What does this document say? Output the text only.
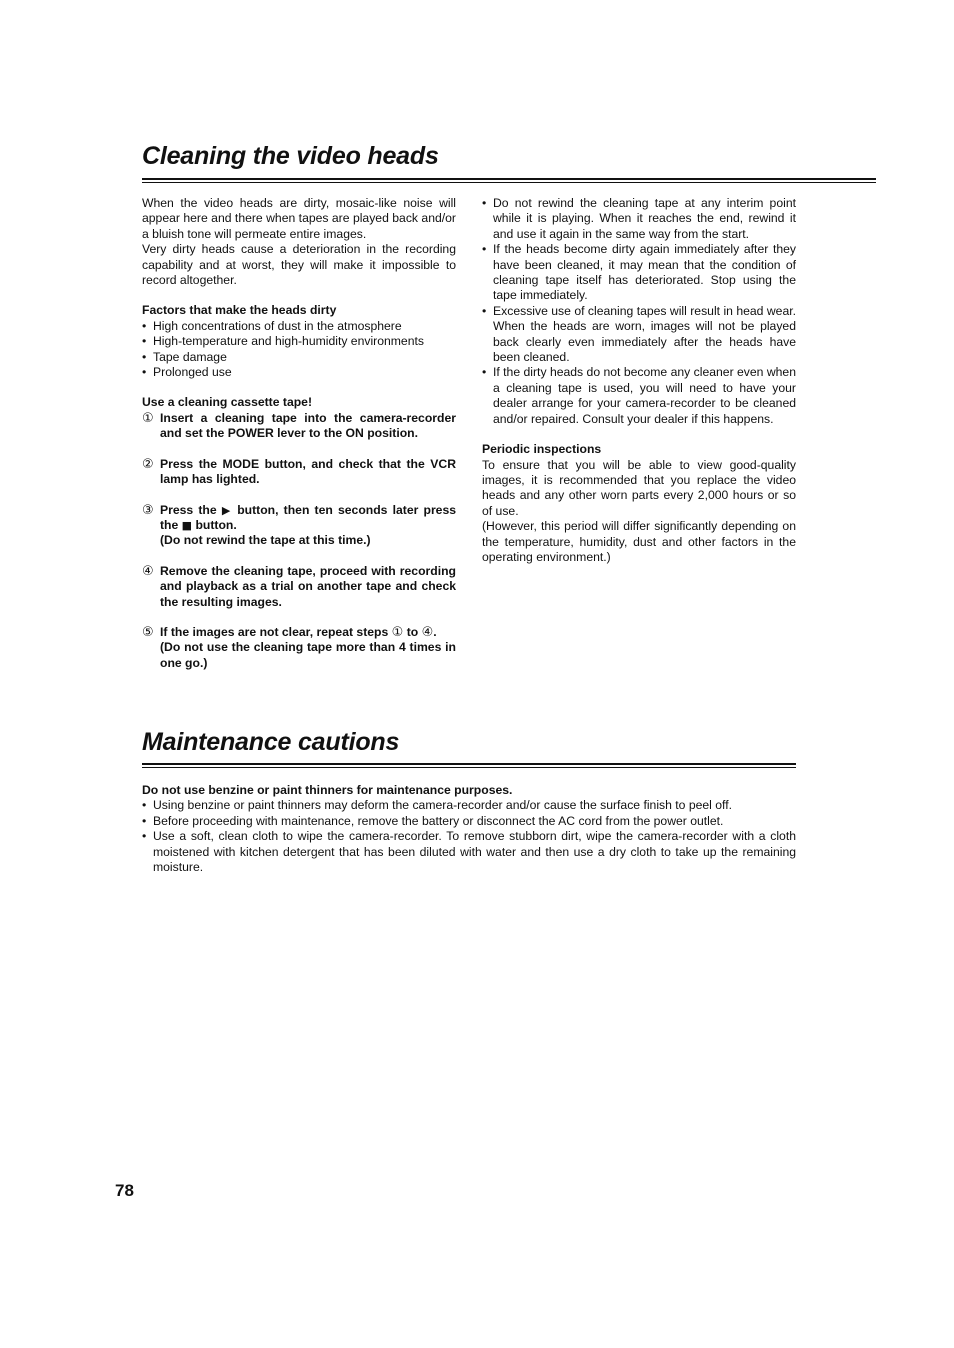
Cleaning the video heads

When the video heads are dirty, mosaic-like noise will appear here and there when tapes are played back and/or a bluish tone will permeate entire images.

Very dirty heads cause a deterioration in the recording capability and at worst, they will make it impossible to record altogether.

Factors that make the heads dirty

• High concentrations of dust in the atmosphere
• High-temperature and high-humidity environments
• Tape damage
• Prolonged use

Use a cleaning cassette tape!

① Insert a cleaning tape into the camera-recorder and set the POWER lever to the ON position.
② Press the MODE button, and check that the VCR lamp has lighted.
③ Press the ▶ button, then ten seconds later press the ■ button.
(Do not rewind the tape at this time.)
④ Remove the cleaning tape, proceed with recording and playback as a trial on another tape and check the resulting images.
⑤ If the images are not clear, repeat steps ① to ④.
(Do not use the cleaning tape more than 4 times in one go.)
• Do not rewind the cleaning tape at any interim point while it is playing. When it reaches the end, rewind it and use it again in the same way from the start.
• If the heads become dirty again immediately after they have been cleaned, it may mean that the condition of cleaning tape itself has deteriorated. Stop using the tape immediately.
• Excessive use of cleaning tapes will result in head wear. When the heads are worn, images will not be played back clearly even immediately after the heads have been cleaned.
• If the dirty heads do not become any cleaner even when a cleaning tape is used, you will need to have your dealer arrange for your camera-recorder to be cleaned and/or repaired. Consult your dealer if this happens.

Periodic inspections

To ensure that you will be able to view good-quality images, it is recommended that you replace the video heads and any other worn parts every 2,000 hours or so of use.

(However, this period will differ significantly depending on the temperature, humidity, dust and other factors in the operating environment.)

Maintenance cautions

Do not use benzine or paint thinners for maintenance purposes.

• Using benzine or paint thinners may deform the camera-recorder and/or cause the surface finish to peel off.
• Before proceeding with maintenance, remove the battery or disconnect the AC cord from the power outlet.
• Use a soft, clean cloth to wipe the camera-recorder. To remove stubborn dirt, wipe the camera-recorder with a cloth moistened with kitchen detergent that has been diluted with water and then use a dry cloth to take up the remaining moisture.
78
